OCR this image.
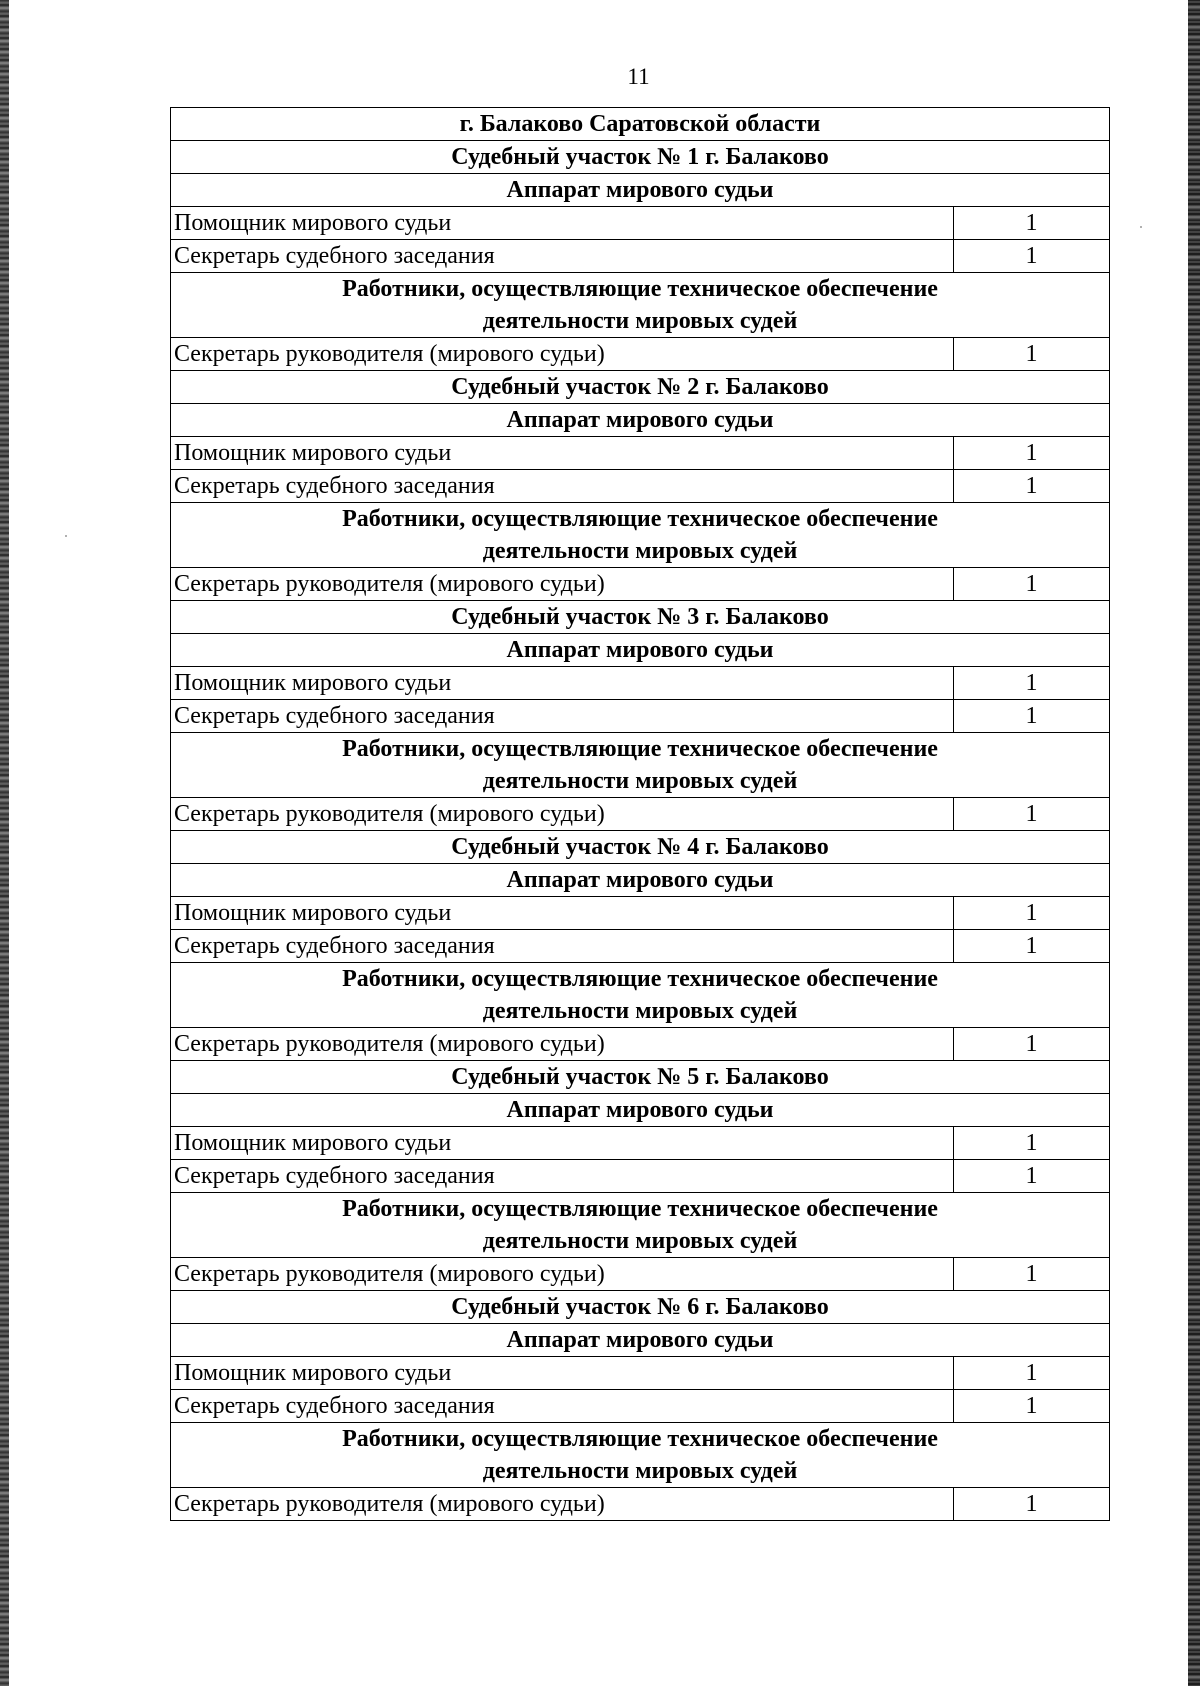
11
г. Балаково Саратовской области	
Судебный участок № 1 г. Балаково	
Аппарат мирового судьи	
Помощник мирового судьи	1
Секретарь судебного заседания	1

Работники, осуществляющие техническое обеспечение
деятельности мировых судей	

Секретарь руководителя (мирового судьи)	1
Судебный участок № 2 г. Балаково	
Аппарат мирового судьи	
Помощник мирового судьи	1
Секретарь судебного заседания	1

Работники, осуществляющие техническое обеспечение
деятельности мировых судей	

Секретарь руководителя (мирового судьи)	1
Судебный участок № 3 г. Балаково	
Аппарат мирового судьи	
Помощник мирового судьи	1
Секретарь судебного заседания	1

Работники, осуществляющие техническое обеспечение
деятельности мировых судей	

Секретарь руководителя (мирового судьи)	1
Судебный участок № 4 г. Балаково	
Аппарат мирового судьи	
Помощник мирового судьи	1
Секретарь судебного заседания	1

Работники, осуществляющие техническое обеспечение
деятельности мировых судей	

Секретарь руководителя (мирового судьи)	1
Судебный участок № 5 г. Балаково	
Аппарат мирового судьи	
Помощник мирового судьи	1
Секретарь судебного заседания	1

Работники, осуществляющие техническое обеспечение
деятельности мировых судей	

Секретарь руководителя (мирового судьи)	1
Судебный участок № 6 г. Балаково	
Аппарат мирового судьи	
Помощник мирового судьи	1
Секретарь судебного заседания	1

Работники, осуществляющие техническое обеспечение
деятельности мировых судей	

Секретарь руководителя (мирового судьи)	1
